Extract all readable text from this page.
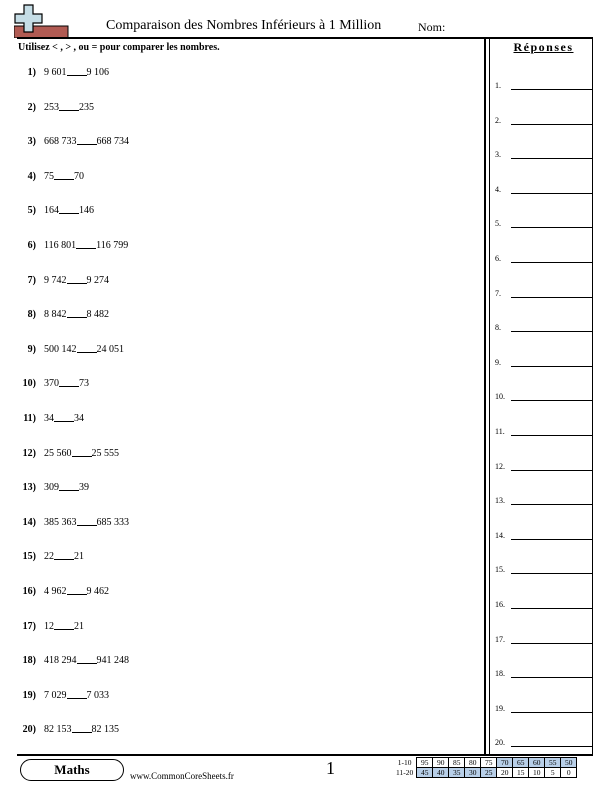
Comparaison des Nombres Inférieurs à 1 Million	Nom:
Utilisez < , > , ou = pour comparer les nombres.	Réponses
1) 9 601 9 106
2) 253 235
3) 668 733 668 734
4) 75 70
5) 164 146
6) 116 801 116 799
7) 9 742 9 274
8) 8 842 8 482
9) 500 142 24 051
10) 370 73
11) 34 34
12) 25 560 25 555
13) 309 39
14) 385 363 685 333
15) 22 21
16) 4 962 9 462
17) 12 21
18) 418 294 941 248
19) 7 029 7 033
20) 82 153 82 135
1.
2.
3.
4.
5.
6.
7.
8.
9.
10.
11.
12.
13.
14.
15.
16.
17.
18.
19.
20.
Maths	www.CommonCoreSheets.fr	1	1-10	95	90	85	80	75	70	65	60	55	50
11-20	45	40	35	30	25	20	15	10	5	0
